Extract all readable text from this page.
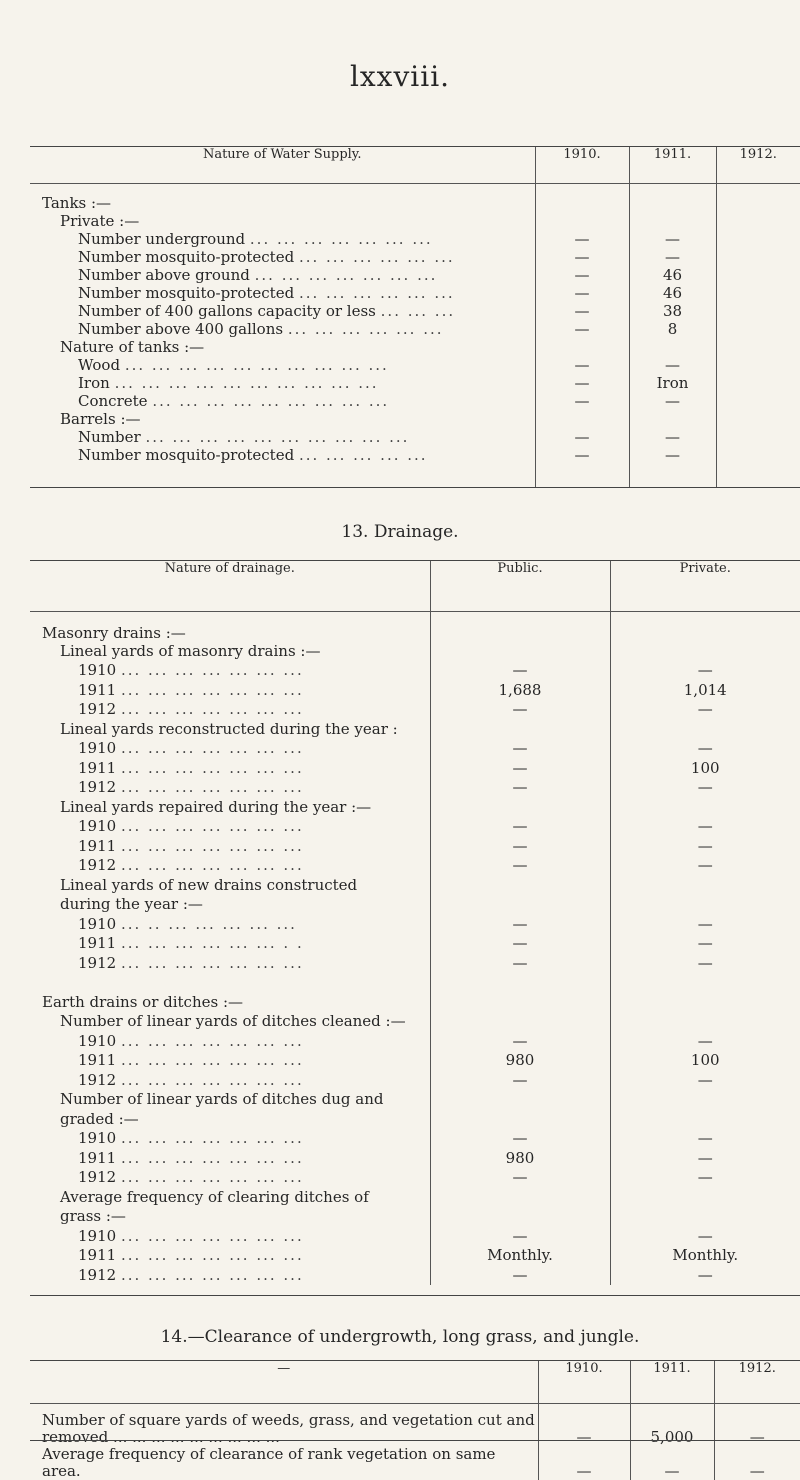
lxxviii.
Nature of Water Supply.	1910.	1911.	1912.
Tanks :—			
Private :—			
Number underground ... ... ... ... ... ... ...	—	—	
Number mosquito-protected ... ... ... ... ... ...	—	—	
Number above ground ... ... ... ... ... ... ...	—	46	
Number mosquito-protected ... ... ... ... ... ...	—	46	
Number of 400 gallons capacity or less ... ... ...	—	38	
Number above 400 gallons ... ... ... ... ... ...	—	8	
Nature of tanks :—			
Wood ... ... ... ... ... ... ... ... ... ...	—	—	
Iron ... ... ... ... ... ... ... ... ... ...	—	Iron	
Concrete ... ... ... ... ... ... ... ... ...	—	—	
Barrels :—			
Number ... ... ... ... ... ... ... ... ... ...	—	—	
Number mosquito-protected ... ... ... ... ...	—	—	

13. Drainage.
Nature of drainage.	Public.	Private.
Masonry drains :—		
Lineal yards of masonry drains :—		
1910 ... ... ... ... ... ... ...	—	—
1911 ... ... ... ... ... ... ...	1,688	1,014
1912 ... ... ... ... ... ... ...	—	—
Lineal yards reconstructed during the year :		
1910 ... ... ... ... ... ... ...	—	—
1911 ... ... ... ... ... ... ...	—	100
1912 ... ... ... ... ... ... ...	—	—
Lineal yards repaired during the year :—		
1910 ... ... ... ... ... ... ...	—	—
1911 ... ... ... ... ... ... ...	—	—
1912 ... ... ... ... ... ... ...	—	—
Lineal yards of new drains constructed		
during the year :—		
1910 ... .. ... ... ... ... ...	—	—
1911 ... ... ... ... ... ... . .	—	—
1912 ... ... ... ... ... ... ...	—	—

Earth drains or ditches :—		
Number of linear yards of ditches cleaned :—		
1910 ... ... ... ... ... ... ...	—	—
1911 ... ... ... ... ... ... ...	980	100
1912 ... ... ... ... ... ... ...	—	—
Number of linear yards of ditches dug and		
graded :—		
1910 ... ... ... ... ... ... ...	—	—
1911 ... ... ... ... ... ... ...	980	—
1912 ... ... ... ... ... ... ...	—	—
Average frequency of clearing ditches of		
grass :—		
1910 ... ... ... ... ... ... ...	—	—
1911 ... ... ... ... ... ... ...	Monthly.	Monthly.
1912 ... ... ... ... ... ... ...	—	—
14.—Clearance of undergrowth, long grass, and jungle.
—	1910.	1911.	1912.
Number of square yards of weeds, grass, and vegetation cut and removed ... ... ... ... ... ... ... ... ...	—	5,000	—
Average frequency of clearance of rank vegetation on same area.	—	—	—
